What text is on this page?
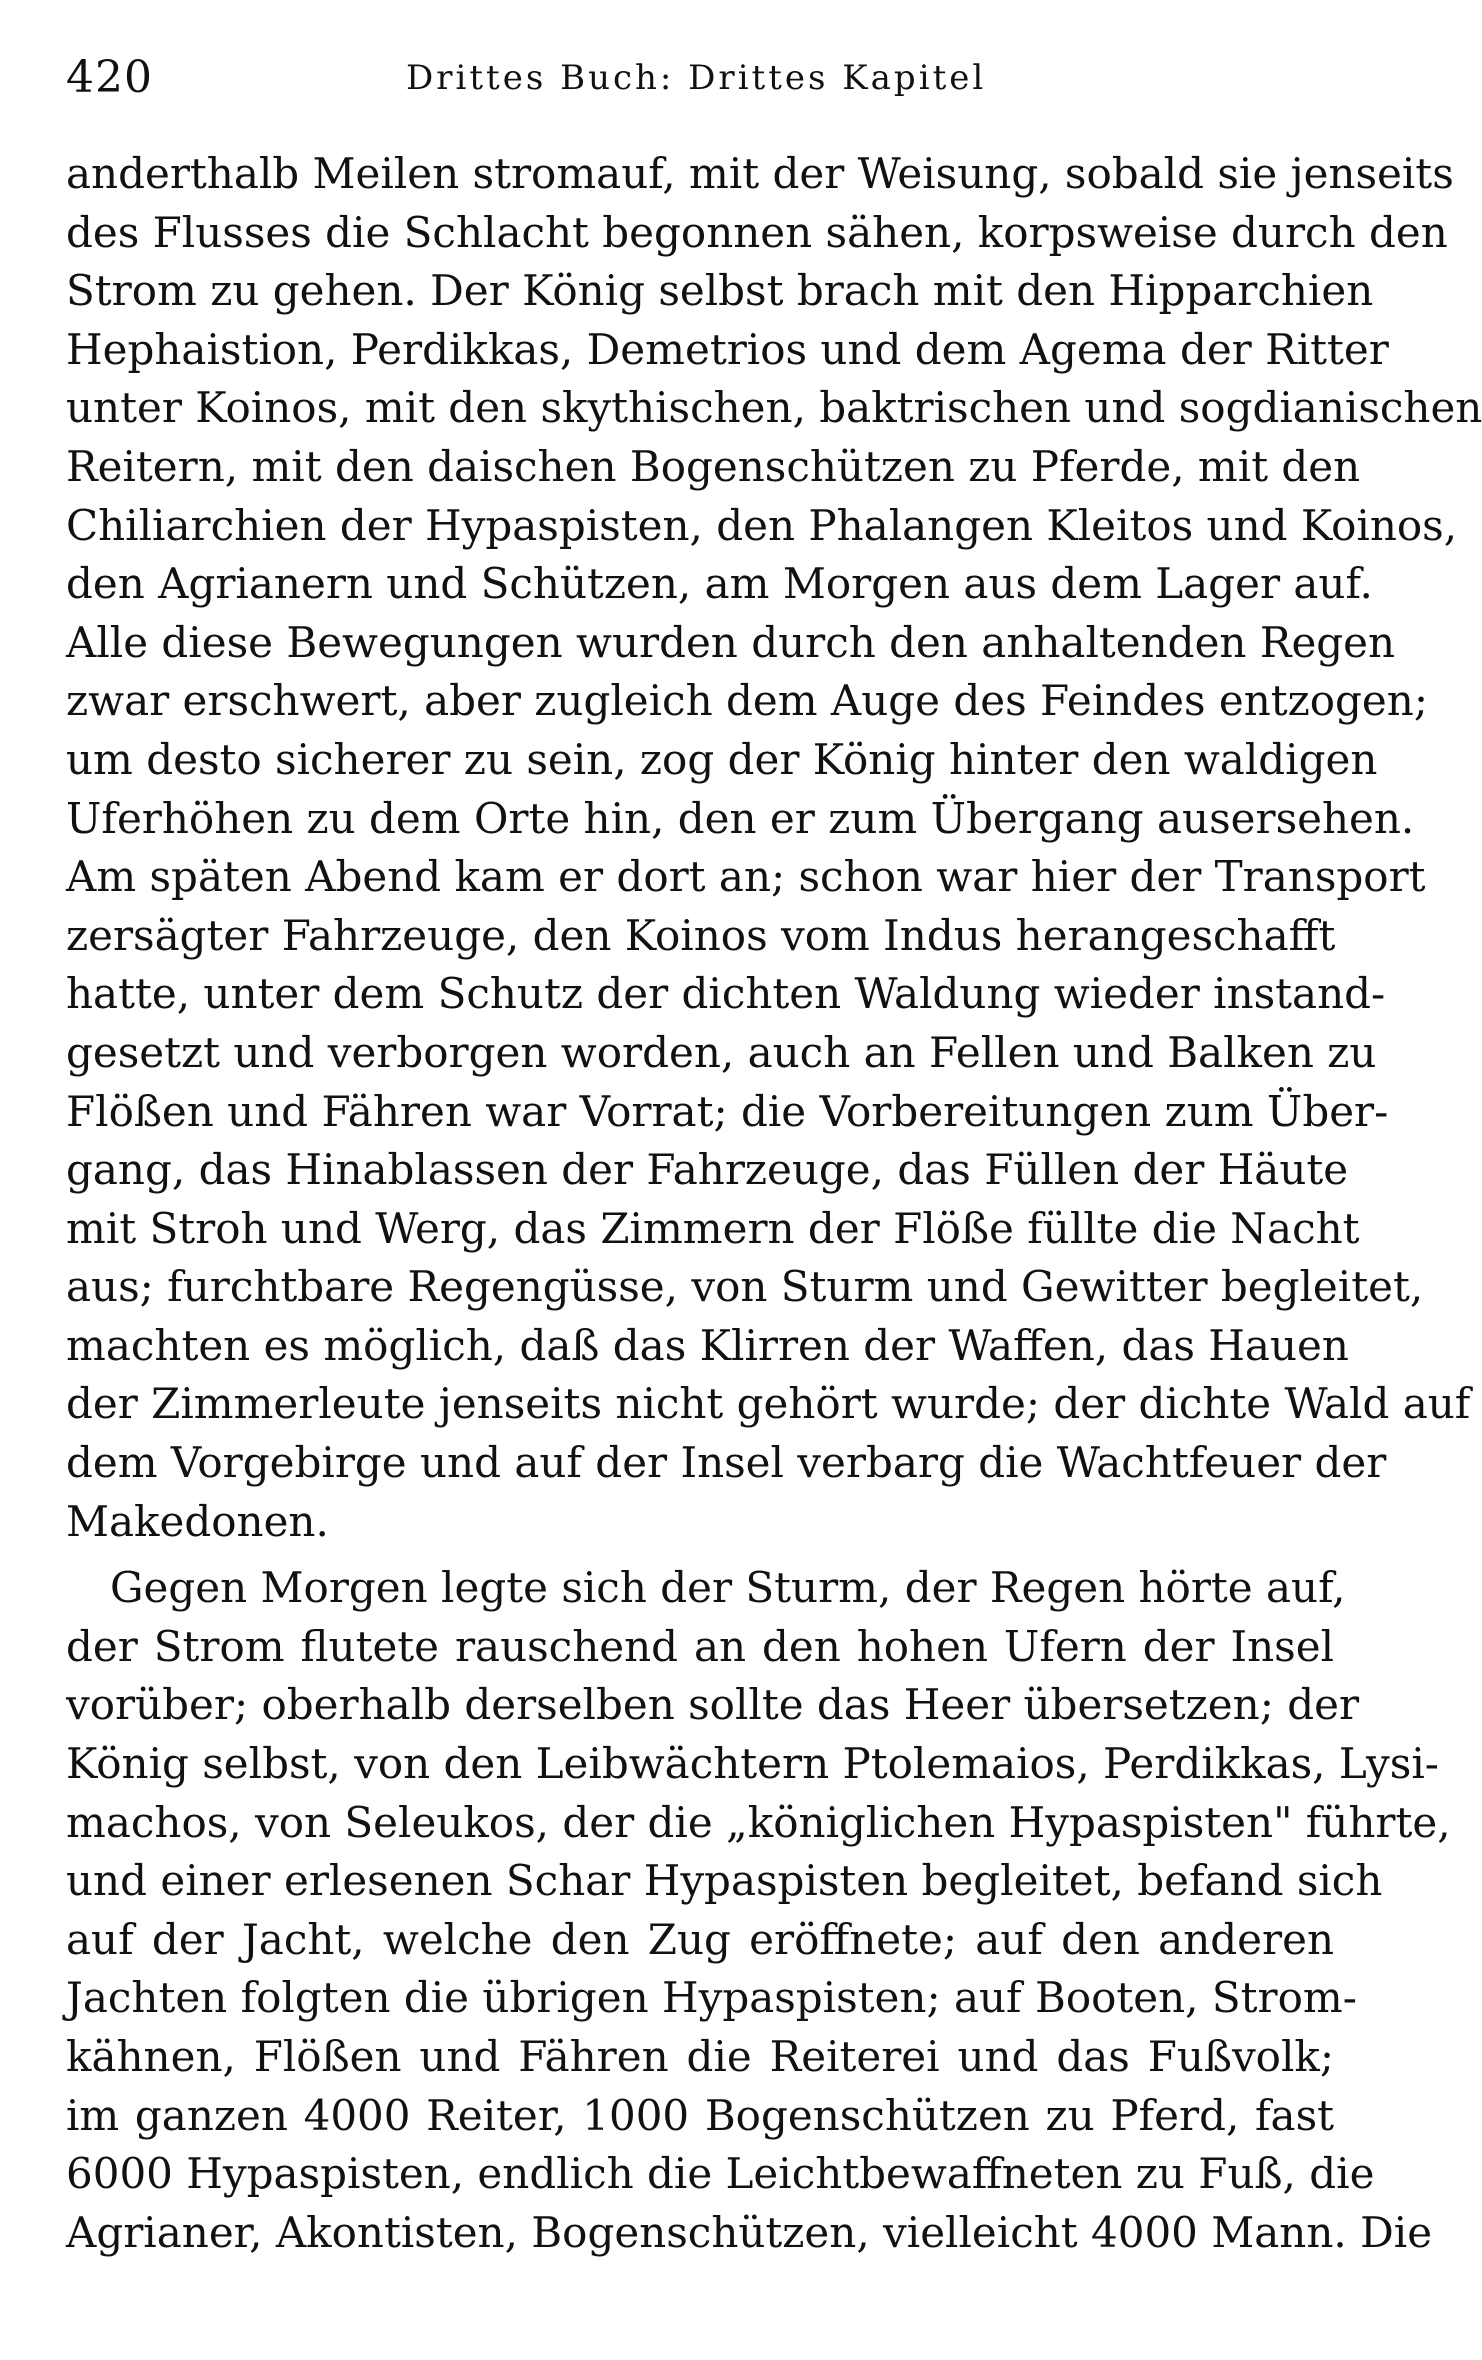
420	Drittes Buch: Drittes Kapitel
anderthalb Meilen stromauf, mit der Weisung, sobald sie jenseits
des Flusses die Schlacht begonnen sähen, korpsweise durch den
Strom zu gehen. Der König selbst brach mit den Hipparchien
Hephaistion, Perdikkas, Demetrios und dem Agema der Ritter
unter Koinos, mit den skythischen, baktrischen und sogdianischen
Reitern, mit den daischen Bogenschützen zu Pferde, mit den
Chiliarchien der Hypaspisten, den Phalangen Kleitos und Koinos,
den Agrianern und Schützen, am Morgen aus dem Lager auf.
Alle diese Bewegungen wurden durch den anhaltenden Regen
zwar erschwert, aber zugleich dem Auge des Feindes entzogen;
um desto sicherer zu sein, zog der König hinter den waldigen
Uferhöhen zu dem Orte hin, den er zum Übergang ausersehen.
Am späten Abend kam er dort an; schon war hier der Transport
zersägter Fahrzeuge, den Koinos vom Indus herangeschafft
hatte, unter dem Schutz der dichten Waldung wieder instand-
gesetzt und verborgen worden, auch an Fellen und Balken zu
Flößen und Fähren war Vorrat; die Vorbereitungen zum Über-
gang, das Hinablassen der Fahrzeuge, das Füllen der Häute
mit Stroh und Werg, das Zimmern der Flöße füllte die Nacht
aus; furchtbare Regengüsse, von Sturm und Gewitter begleitet,
machten es möglich, daß das Klirren der Waffen, das Hauen
der Zimmerleute jenseits nicht gehört wurde; der dichte Wald auf
dem Vorgebirge und auf der Insel verbarg die Wachtfeuer der
Makedonen.
Gegen Morgen legte sich der Sturm, der Regen hörte auf,
der Strom flutete rauschend an den hohen Ufern der Insel
vorüber; oberhalb derselben sollte das Heer übersetzen; der
König selbst, von den Leibwächtern Ptolemaios, Perdikkas, Lysi-
machos, von Seleukos, der die „königlichen Hypaspisten" führte,
und einer erlesenen Schar Hypaspisten begleitet, befand sich
auf der Jacht, welche den Zug eröffnete; auf den anderen
Jachten folgten die übrigen Hypaspisten; auf Booten, Strom-
kähnen, Flößen und Fähren die Reiterei und das Fußvolk;
im ganzen 4000 Reiter, 1000 Bogenschützen zu Pferd, fast
6000 Hypaspisten, endlich die Leichtbewaffneten zu Fuß, die
Agrianer, Akontisten, Bogenschützen, vielleicht 4000 Mann. Die
